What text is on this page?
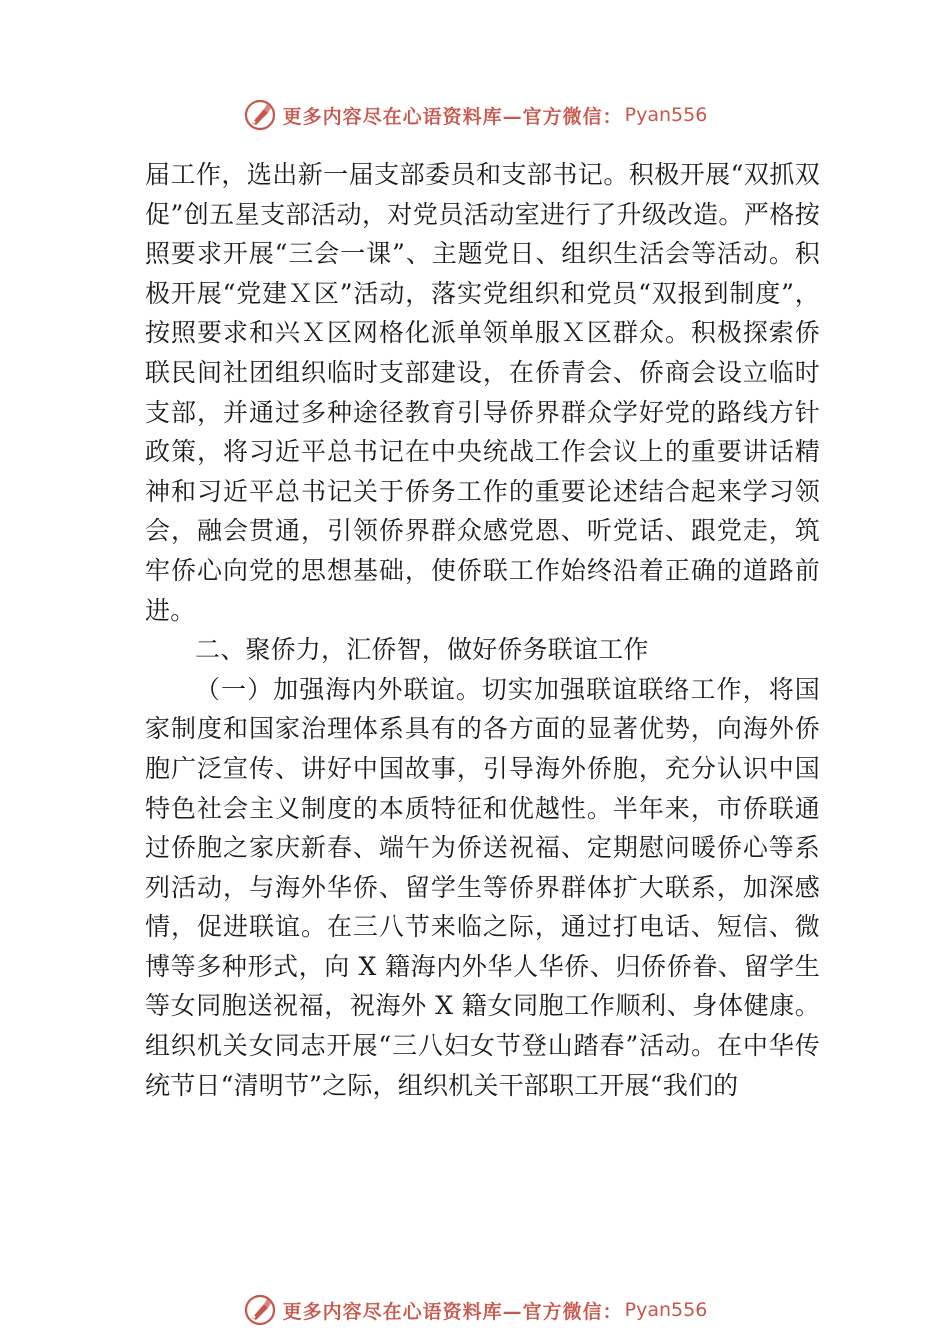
更多内容尽在心语资料库—官方微信： Pyan556

届工作，选出新一届支部委员和支部书记。积极开展“双抓双促”创五星支部活动，对党员活动室进行了升级改造。严格按照要求开展“三会一课”、主题党日、组织生活会等活动。积极开展“党建Ｘ区”活动，落实党组织和党员“双报到制度”，按照要求和兴Ｘ区网格化派单领单服Ｘ区群众。积极探索侨联民间社团组织临时支部建设，在侨青会、侨商会设立临时支部，并通过多种途径教育引导侨界群众学好党的路线方针政策，将习近平总书记在中央统战工作会议上的重要讲话精神和习近平总书记关于侨务工作的重要论述结合起来学习领会，融会贯通，引领侨界群众感党恩、听党话、跟党走，筑牢侨心向党的思想基础，使侨联工作始终沿着正确的道路前进。

二、聚侨力，汇侨智，做好侨务联谊工作

（一）加强海内外联谊。切实加强联谊联络工作，将国家制度和国家治理体系具有的各方面的显著优势，向海外侨胞广泛宣传、讲好中国故事，引导海外侨胞，充分认识中国特色社会主义制度的本质特征和优越性。半年来，市侨联通过侨胞之家庆新春、端午为侨送祝福、定期慰问暖侨心等系列活动，与海外华侨、留学生等侨界群体扩大联系，加深感情，促进联谊。在三八节来临之际，通过打电话、短信、微博等多种形式，向 X 籍海内外华人华侨、归侨侨眷、留学生等女同胞送祝福，祝海外 X 籍女同胞工作顺利、身体健康。组织机关女同志开展“三八妇女节登山踏春”活动。在中华传统节日“清明节”之际，组织机关干部职工开展“我们的

更多内容尽在心语资料库—官方微信： Pyan556
